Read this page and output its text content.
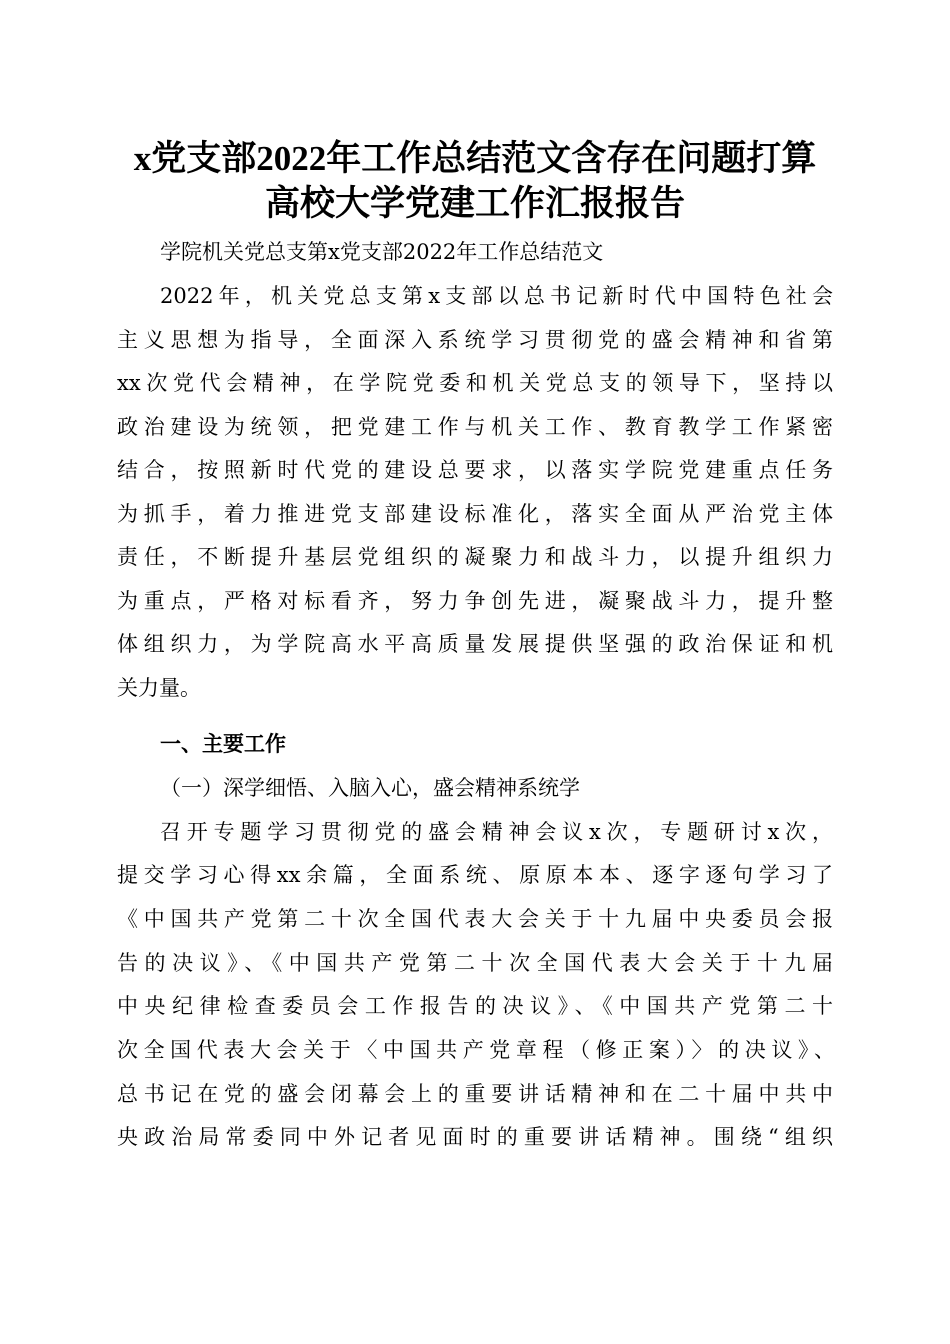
x党支部2022年工作总结范文含存在问题打算
高校大学党建工作汇报报告
学院机关党总支第x党支部2022年工作总结范文
2022年，机关党总支第x支部以总书记新时代中国特色社会
主义思想为指导，全面深入系统学习贯彻党的盛会精神和省第
xx次党代会精神，在学院党委和机关党总支的领导下，坚持以
政治建设为统领，把党建工作与机关工作、教育教学工作紧密
结合，按照新时代党的建设总要求，以落实学院党建重点任务
为抓手，着力推进党支部建设标准化，落实全面从严治党主体
责任，不断提升基层党组织的凝聚力和战斗力，以提升组织力
为重点，严格对标看齐，努力争创先进，凝聚战斗力，提升整
体组织力，为学院高水平高质量发展提供坚强的政治保证和机
关力量。
一、主要工作
（一）深学细悟、入脑入心，盛会精神系统学
召开专题学习贯彻党的盛会精神会议x次，专题研讨x次，
提交学习心得xx余篇，全面系统、原原本本、逐字逐句学习了
《中国共产党第二十次全国代表大会关于十九届中央委员会报
告的决议》、《中国共产党第二十次全国代表大会关于十九届
中央纪律检查委员会工作报告的决议》、《中国共产党第二十
次全国代表大会关于〈中国共产党章程（修正案）〉的决议》、
总书记在党的盛会闭幕会上的重要讲话精神和在二十届中共中
央政治局常委同中外记者见面时的重要讲话精神。围绕“组织
